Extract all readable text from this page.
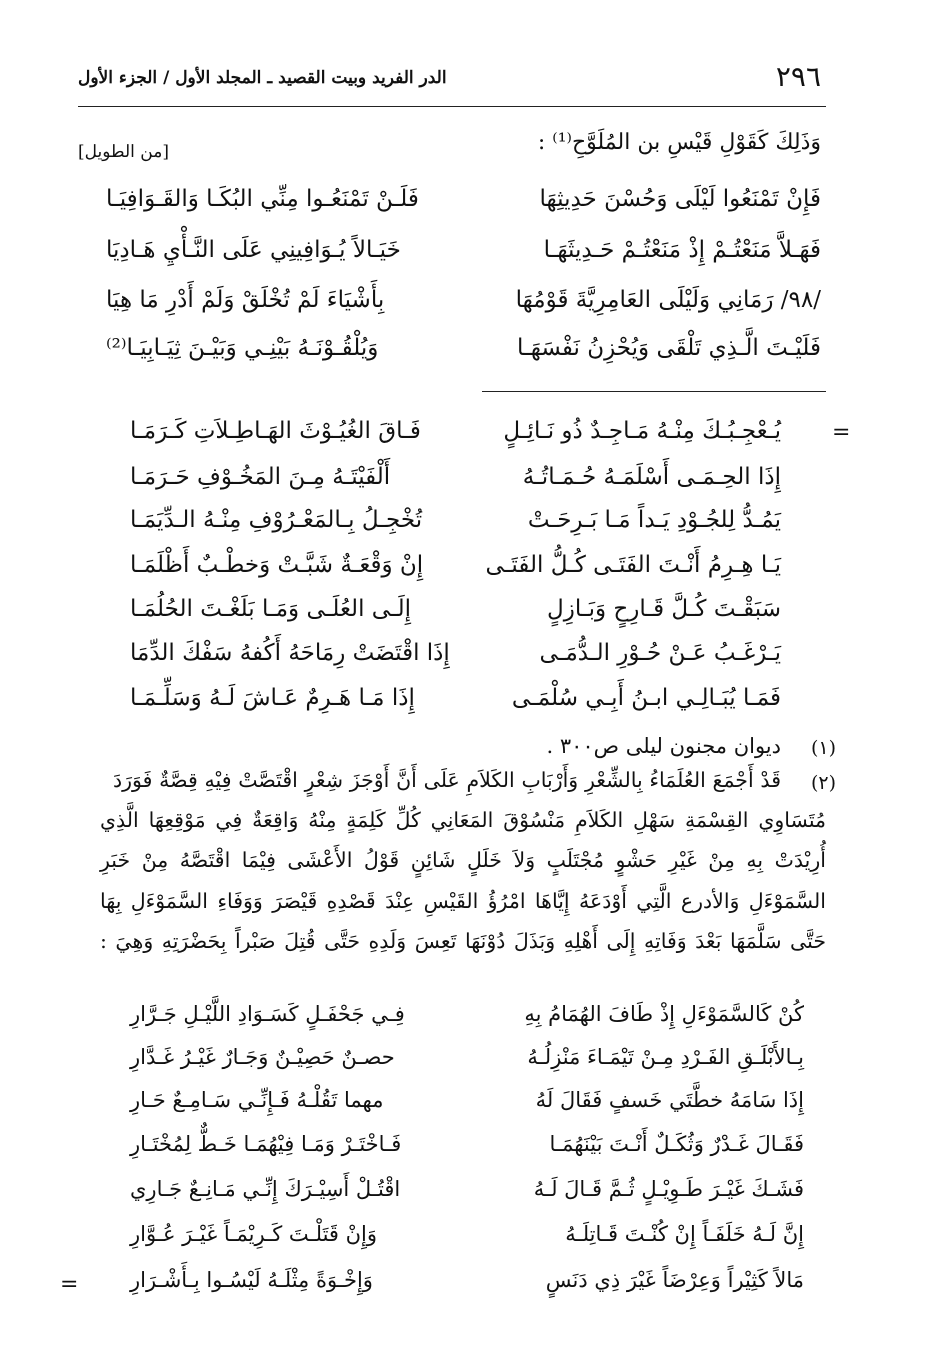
٢٩٦
الدر الفريد وبيت القصيد ـ المجلد الأول / الجزء الأول
وَذَلِكَ كَقَوْلِ قَيْسِ بن المُلَوَّحِ⁽¹⁾ :
[من الطويل]
فَإِنْ تَمْنَعُوا لَيْلَى وَحُسْنَ حَدِيثِهَا
فَلَـنْ تَمْنَعُـوا مِنِّي البُكَـا وَالقَـوَافِيَـا
فَهَـلاَّ مَنَعْتُـمْ إِذْ مَنَعْتُـمْ حَـدِيثَهَـا
خَيَـالاً يُـوَافِينِي عَلَى النَّـأْيِ هَـادِيَا
/٩٨/ رَمَانِي وَلَيْلَى العَامِرِيَّةَ قَوْمُهَا
بِأَشْيَاءَ لَمْ تُخْلَقْ وَلَمْ أَدْرِ مَا هِيَا
فَلَيْـتَ الَّـذِي تَلْقَى وَيُحْزِنُ نَفْسَهَـا
وَيُلْقُـوْنَـهُ بَيْنِـي وَبَيْـنَ ثِيَـابِيَـا⁽²⁾
=
يُـعْجِـبُـكَ مِنْـهُ مَـاجِـدٌ ذُو نَـائِـلٍ
فَـاقَ الغُيُـوْثَ الهَـاطِـلاَتِ كَـرَمَـا
إِذَا الحِـمَـى أَسْلَمَـهُ حُـمَـاتُـهُ
أَلْفَيْتَـهُ مِـنَ المَخُـوْفِ حَـرَمَـا
يَمُـدُّ لِلجُـوْدِ يَـداً مَـا بَـرِحَـتْ
تُخْجِـلُ بِـالمَعْـرُوْفِ مِنْـهُ الـدِّيَمَـا
يَـا هِـرِمُ أَنْـتَ الفَتَـى كُـلُّ الفَتَـى
إِنْ وَقْعَـةٌ شَبَّـتْ وَخطْـبٌ أَظْلَمَـا
سَبَقْـتَ كُـلَّ قَـارِحٍ وَبَـازِلٍ
إِلَـى العُلَـى وَمَـا بَلَغْـتَ الحُلُمَـا
يَـرْغَـبُ عَـنْ حُـوْرِ الـدُّمَـى
إِذَا اقْتَضَتْ رِمَاحَهُ أَكُفهُ سَفْكَ الدِّمَا
فَمَـا يُبَـالِـي ابـنُ أَبِـي سُلْمَـى
إِذَا مَـا هَـرِمٌ عَـاشَ لَـهُ وَسَلِّـمَـا
(١)
ديوان مجنون ليلى ص٣٠٠ .
(٢)
قَدْ أَجْمَعَ العُلَمَاءُ بِالشِّعْرِ وَأَرْبَابِ الكَلاَمِ عَلَى أَنَّ أَوْجَزَ شِعْرٍ اقْتَصَّتْ فِيْهِ قِصَّةٌ فَوَرَدَ
مُتَسَاوِي القِسْمَةِ سَهْلِ الكَلاَمِ مَنْسُوْقَ المَعَانِي كُلِّ كَلِمَةٍ مِنْهُ وَاقِعَةٌ فِي مَوْقِعِهَا الَّذِي
أُرِيْدَتْ بِهِ مِنْ غَيْرِ حَشْوٍ مُجْتَلَبٍ وَلاَ خَلَلٍ شَائِنٍ قَوْلُ الأَعْشَى فِيْمَا اقْتَصَّهُ مِنْ خَبَرِ
السَّمَوْءَلِ وَالأدرع الَّتِي أَوْدَعَهُ إِيَّاهَا امْرُؤُ القَيْسِ عِنْدَ قَصْدِهِ قَيْصَرَ وَوَفَاءِ السَّمَوْءَلِ بِهَا
حَتَّى سَلَّمَهَا بَعْدَ وَفَاتِهِ إِلَى أَهْلِهِ وَبَذَلَ دُوْنَهَا تَعِسَ وَلَدِهِ حَتَّى قُتِلَ صَبْراً بِحَضْرَتِهِ وَهِيَ :
كُنْ كَالسَّمَوْءَلِ إِذْ طَافَ الهُمَامُ بِهِ
فِـي جَحْفَـلٍ كَسَـوَادِ اللَّيْـلِ جَـرَّارِ
بِـالأَبْلَـقِ الفَـرْدِ مِـنْ تَيْمَـاءَ مَنْزِلُـهُ
حصـنٌ حَصِيْـنٌ وَجَـارٌ غَيْـرُ غَـدَّارِ
إِذَا سَامَهُ خطَّتَي خَسفٍ فَقَالَ لَهُ
مهما تَقُلْـهُ فَـإِنِّـي سَـامِـعٌ حَـارِ
فَقَـالَ غَـدْرٌ وَثُكَـلٌ أَنْـتَ بَيْنَهُمَـا
فَـاخْتَـرْ وَمَـا فِيْهُمَـا خَـطٌّ لِمُخْتَـارِ
فَشَـكَ غَيْـرَ طَـوِيْـلٍ ثُـمَّ قَـالَ لَـهُ
اقْتُـلْ أَسِيْـرَكَ إِنِّـي مَـانِـعٌ جَـارِي
إِنَّ لَـهُ خَلَفَـاً إِنْ كُنْـتَ قَـاتِلَـهُ
وَإِنْ قَتَلْـتَ كَـرِيْمَـاً غَيْـرَ عُـوَّارِ
مَالاً كَثِيْراً وَعِرْضَاً غَيْرَ ذِي دَنَسٍ
وَإِخْـوَةً مِثْلَـهُ لَيْسُـوا بِـأَشْـرَارِ
=
